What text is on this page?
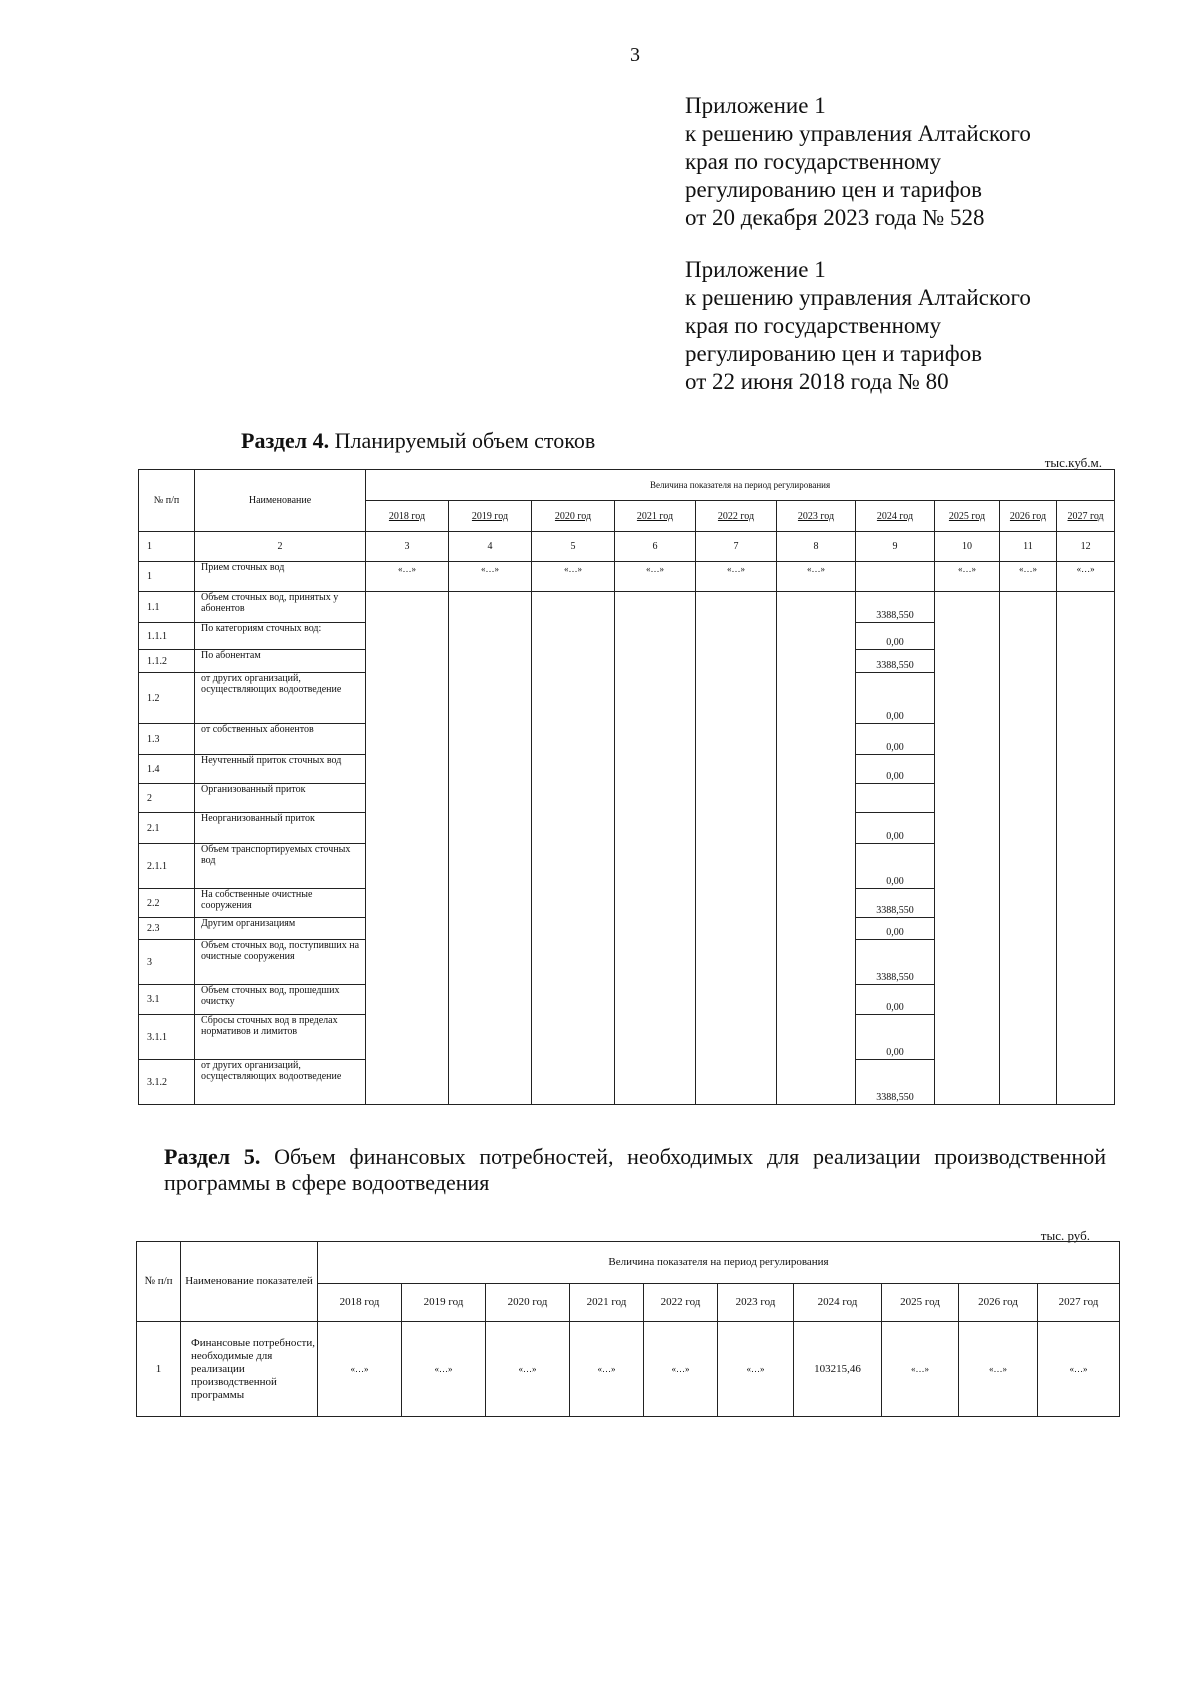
3
Приложение 1
к решению управления Алтайского
края по государственному
регулированию цен и тарифов
от 20 декабря 2023 года № 528
Приложение 1
к решению управления Алтайского
края по государственному
регулированию цен и тарифов
от 22 июня 2018 года № 80
Раздел 4. Планируемый объем стоков
тыс.куб.м.
№ п/п	Наименование	Величина показателя на период регулирования									
		2018 год	2019 год	2020 год	2021 год	2022 год	2023 год	2024 год	2025 год	2026 год	2027 год
1	2	3	4	5	6	7	8	9	10	11	12
1	Прием сточных вод	«…»	«…»	«…»	«…»	«…»	«…»		«…»	«…»	«…»
1.1	Объем сточных вод, принятых у абонентов							3388,550			
1.1.1	По категориям сточных вод:							0,00			
1.1.2	По абонентам							3388,550			
1.2	от других организаций, осуществляющих водоотведение							0,00			
1.3	от собственных абонентов							0,00			
1.4	Неучтенный приток сточных вод							0,00			
2	Организованный приток										
2.1	Неорганизованный приток							0,00			
2.1.1	Объем транспортируемых сточных вод							0,00			
2.2	На собственные очистные сооружения							3388,550			
2.3	Другим организациям							0,00			
3	Объем сточных вод, поступивших на очистные сооружения							3388,550			
3.1	Объем сточных вод, прошедших очистку							0,00			
3.1.1	Сбросы сточных вод в пределах нормативов и лимитов							0,00			
3.1.2	от других организаций, осуществляющих водоотведение							3388,550			
Раздел 5. Объем финансовых потребностей, необходимых для реализации производственной программы в сфере водоотведения
тыс. руб.
№ п/п	Наименование показателей	Величина показателя на период регулирования									
		2018 год	2019 год	2020 год	2021 год	2022 год	2023 год	2024 год	2025 год	2026 год	2027 год
1	Финансовые потребности, необходимые для реализации производственной программы	«…»	«…»	«…»	«…»	«…»	«…»	103215,46	«…»	«…»	«…»
